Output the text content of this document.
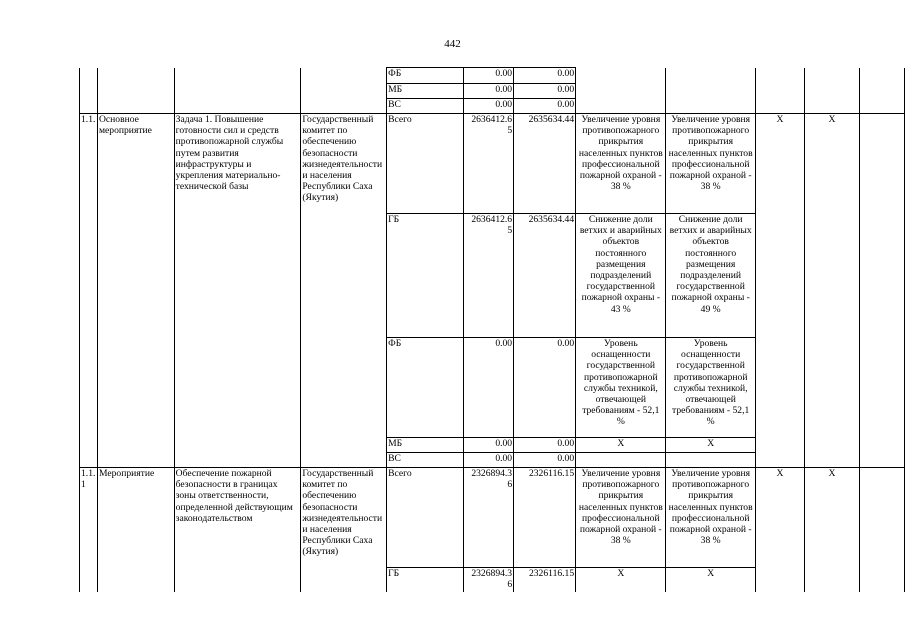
442
				ФБ	0.00	0.00					
				МБ	0.00	0.00					
				ВС	0.00	0.00					
1.1.	Основное мероприятие	Задача 1. Повышение готовности сил и средств противопожарной службы путем развития инфраструктуры и укрепления материально-технической базы	Государственный комитет по обеспечению безопасности жизнедеятельности и населения Республики Саха (Якутия)	Всего	2636412.6 5	2635634.44	Увеличение уровня противопожарного прикрытия населенных пунктов профессиональной пожарной охраной - 38 %	Увеличение уровня противопожарного прикрытия населенных пунктов профессиональной пожарной охраной - 38 %	Х	Х	
				ГБ	2636412.6 5	2635634.44	Снижение доли ветхих и аварийных объектов постоянного размещения подразделений государственной пожарной охраны - 43 %	Снижение доли ветхих и аварийных объектов постоянного размещения подразделений государственной пожарной охраны - 49 %			
				ФБ	0.00	0.00	Уровень оснащенности государственной противопожарной службы техникой, отвечающей требованиям - 52,1 %	Уровень оснащенности государственной противопожарной службы техникой, отвечающей требованиям - 52,1 %			
				МБ	0.00	0.00	Х	Х			
				ВС	0.00	0.00					
1.1. 1	Мероприятие	Обеспечение пожарной безопасности в границах зоны ответственности, определенной действующим законодательством	Государственный комитет по обеспечению безопасности жизнедеятельности и населения Республики Саха (Якутия)	Всего	2326894.3 6	2326116.15	Увеличение уровня противопожарного прикрытия населенных пунктов профессиональной пожарной охраной - 38 %	Увеличение уровня противопожарного прикрытия населенных пунктов профессиональной пожарной охраной - 38 %	Х	Х	
				ГБ	2326894.3 6	2326116.15	Х	Х			
